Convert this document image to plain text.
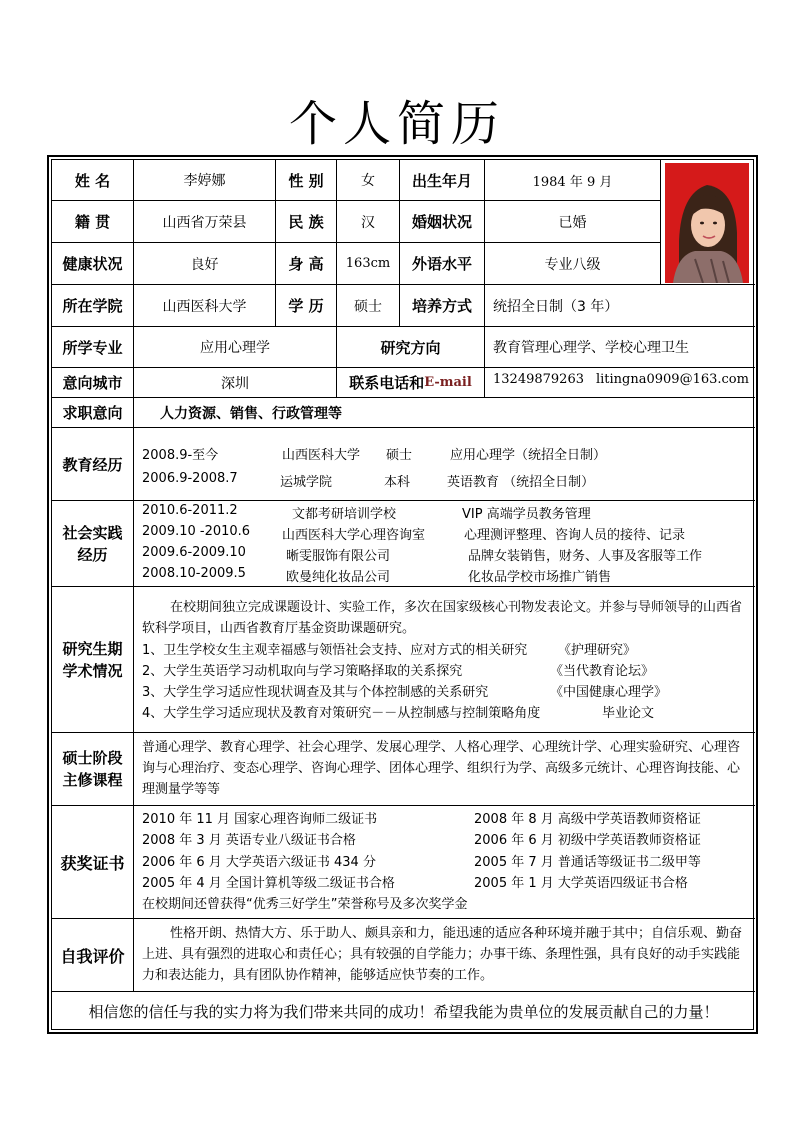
个人简历
姓 名	李婷娜	性 别	女	出生年月	1984 年 9 月
籍 贯	山西省万荣县	民 族	汉	婚姻状况	已婚
健康状况	良好	身 高	163cm	外语水平	专业八级
所在学院	山西医科大学	学 历	硕士	培养方式	统招全日制（3 年）
所学专业	应用心理学	研究方向	教育管理心理学、学校心理卫生
意向城市	深圳	联系电话和 E-mail 13249879263 litingna0909@163.com
求职意向	人力资源、销售、行政管理等
教育经历	2008.9-至今	山西医科大学 硕士	应用心理学（统招全日制）
2006.9-2008.7	运城学院	本科	英语教育 （统招全日制）
社会实践
经历
2010.6-2011.2	文都考研培训学校	VIP 高端学员教务管理
2009.10 -2010.6 山西医科大学心理咨询室	心理测评整理、咨询人员的接待、记录
2009.6-2009.10	晰雯服饰有限公司	品牌女装销售，财务、人事及客服等工作
2008.10-2009.5	欧曼纯化妆品公司	化妆品学校市场推广销售
研究生期
学术情况
在校期间独立完成课题设计、实验工作，多次在国家级核心刊物发表论文。并参与导师领导的山西省软科学项目，山西省教育厅基金资助课题研究。
1、卫生学校女生主观幸福感与领悟社会支持、应对方式的相关研究 《护理研究》
2、大学生英语学习动机取向与学习策略择取的关系探究	《当代教育论坛》
3、大学生学习适应性现状调查及其与个体控制感的关系研究	《中国健康心理学》
4、大学生学习适应现状及教育对策研究－－从控制感与控制策略角度	毕业论文
硕士阶段
主修课程
普通心理学、教育心理学、社会心理学、发展心理学、人格心理学、心理统计学、心理实验研究、心理咨询与心理治疗、变态心理学、咨询心理学、团体心理学、组织行为学、高级多元统计、心理咨询技能、心理测量学等等
获奖证书
2010 年 11 月 国家心理咨询师二级证书	2008 年 8 月 高级中学英语教师资格证
2008 年 3 月 英语专业八级证书合格	2006 年 6 月 初级中学英语教师资格证
2006 年 6 月 大学英语六级证书 434 分	2005 年 7 月 普通话等级证书二级甲等
2005 年 4 月 全国计算机等级二级证书合格	2005 年 1 月 大学英语四级证书合格
在校期间还曾获得“优秀三好学生”荣誉称号及多次奖学金
自我评价
性格开朗、热情大方、乐于助人、颇具亲和力，能迅速的适应各种环境并融于其中；自信乐观、勤奋上进、具有强烈的进取心和责任心；具有较强的自学能力；办事干练、条理性强，具有良好的动手实践能力和表达能力，具有团队协作精神，能够适应快节奏的工作。
相信您的信任与我的实力将为我们带来共同的成功！希望我能为贵单位的发展贡献自己的力量！
